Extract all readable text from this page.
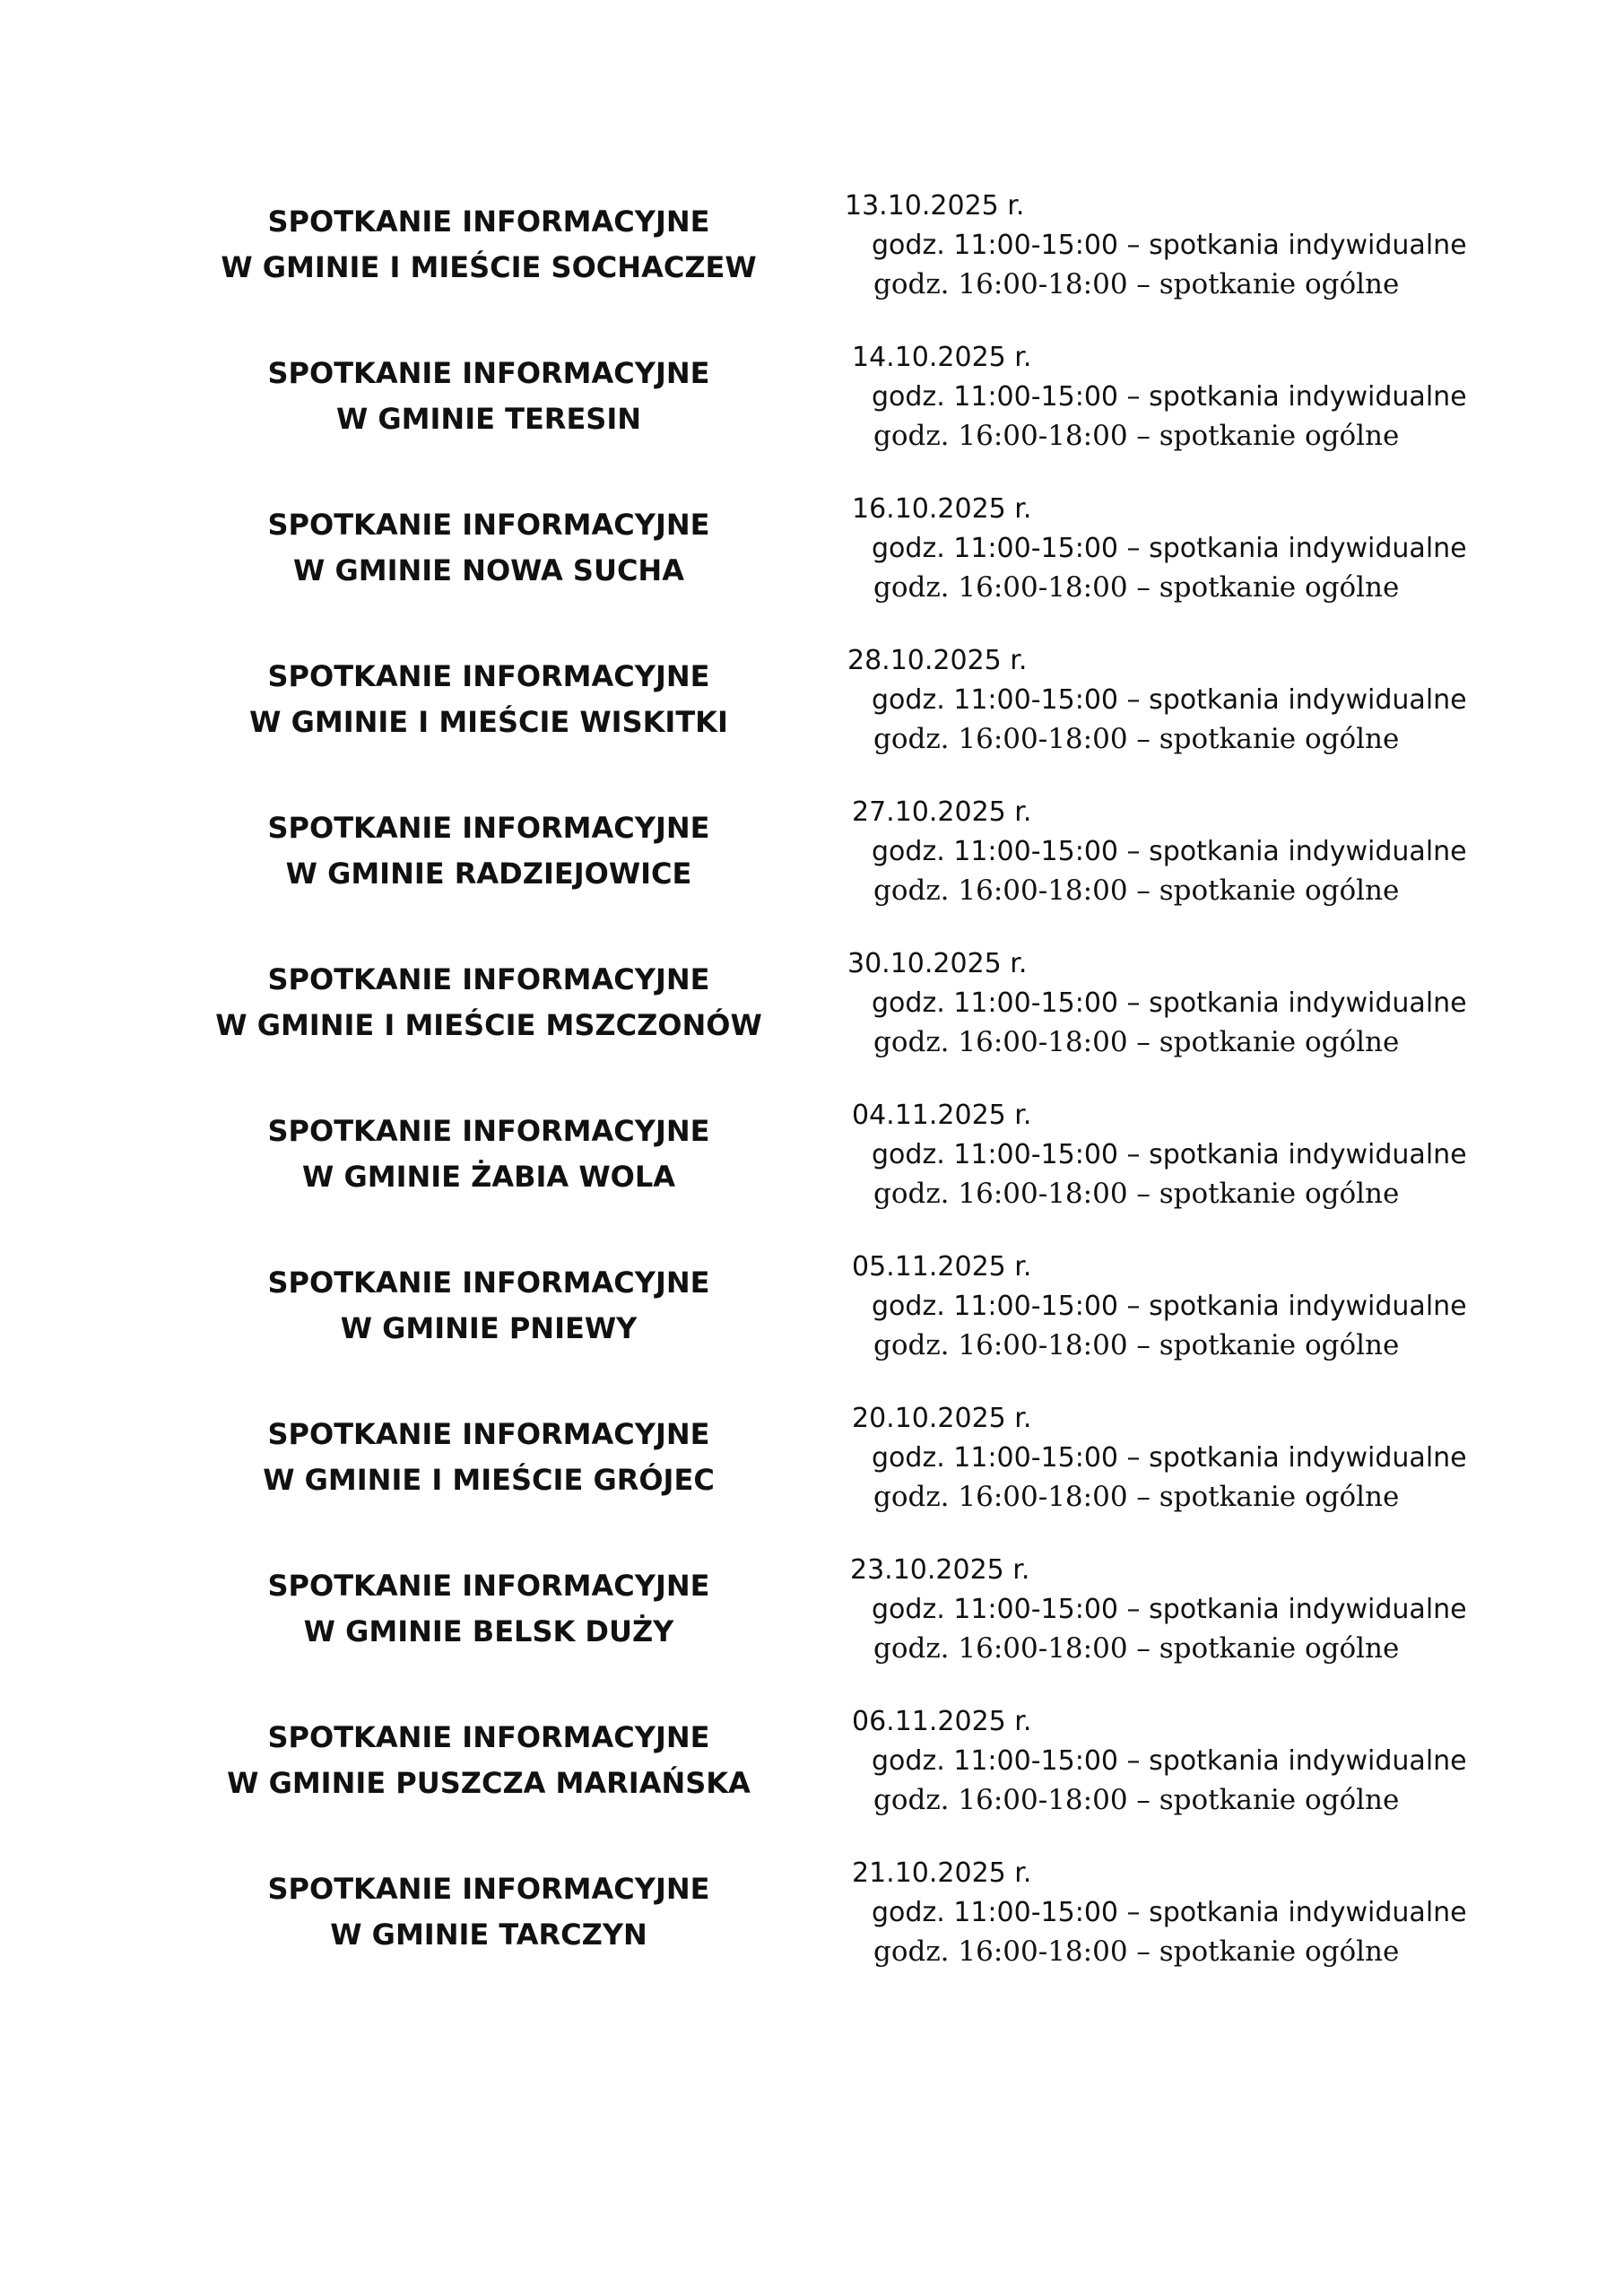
SPOTKANIE INFORMACYJNE
W GMINIE I MIEŚCIE SOCHACZEW
13.10.2025 r.
godz. 11:00-15:00 – spotkania indywidualne
godz. 16:00-18:00 – spotkanie ogólne
SPOTKANIE INFORMACYJNE
W GMINIE TERESIN
14.10.2025 r.
godz. 11:00-15:00 – spotkania indywidualne
godz. 16:00-18:00 – spotkanie ogólne
SPOTKANIE INFORMACYJNE
W GMINIE NOWA SUCHA
16.10.2025 r.
godz. 11:00-15:00 – spotkania indywidualne
godz. 16:00-18:00 – spotkanie ogólne
SPOTKANIE INFORMACYJNE
W GMINIE I MIEŚCIE WISKITKI
28.10.2025 r.
godz. 11:00-15:00 – spotkania indywidualne
godz. 16:00-18:00 – spotkanie ogólne
SPOTKANIE INFORMACYJNE
W GMINIE RADZIEJOWICE
27.10.2025 r.
godz. 11:00-15:00 – spotkania indywidualne
godz. 16:00-18:00 – spotkanie ogólne
SPOTKANIE INFORMACYJNE
W GMINIE I MIEŚCIE MSZCZONÓW
30.10.2025 r.
godz. 11:00-15:00 – spotkania indywidualne
godz. 16:00-18:00 – spotkanie ogólne
SPOTKANIE INFORMACYJNE
W GMINIE ŻABIA WOLA
04.11.2025 r.
godz. 11:00-15:00 – spotkania indywidualne
godz. 16:00-18:00 – spotkanie ogólne
SPOTKANIE INFORMACYJNE
W GMINIE PNIEWY
05.11.2025 r.
godz. 11:00-15:00 – spotkania indywidualne
godz. 16:00-18:00 – spotkanie ogólne
SPOTKANIE INFORMACYJNE
W GMINIE I MIEŚCIE GRÓJEC
20.10.2025 r.
godz. 11:00-15:00 – spotkania indywidualne
godz. 16:00-18:00 – spotkanie ogólne
SPOTKANIE INFORMACYJNE
W GMINIE BELSK DUŻY
23.10.2025 r.
godz. 11:00-15:00 – spotkania indywidualne
godz. 16:00-18:00 – spotkanie ogólne
SPOTKANIE INFORMACYJNE
W GMINIE PUSZCZA MARIAŃSKA
06.11.2025 r.
godz. 11:00-15:00 – spotkania indywidualne
godz. 16:00-18:00 – spotkanie ogólne
SPOTKANIE INFORMACYJNE
W GMINIE TARCZYN
21.10.2025 r.
godz. 11:00-15:00 – spotkania indywidualne
godz. 16:00-18:00 – spotkanie ogólne
